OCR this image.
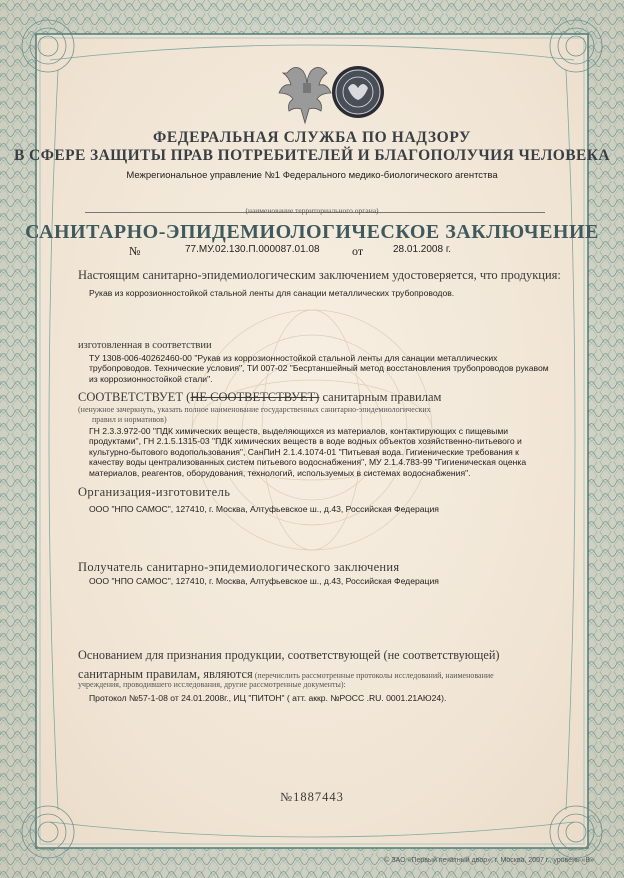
ФЕДЕРАЛЬНАЯ СЛУЖБА ПО НАДЗОРУ
В СФЕРЕ ЗАЩИТЫ ПРАВ ПОТРЕБИТЕЛЕЙ И БЛАГОПОЛУЧИЯ ЧЕЛОВЕКА
Межрегиональное управление №1 Федерального медико-биологического агентства
(наименование территориального органа)
САНИТАРНО-ЭПИДЕМИОЛОГИЧЕСКОЕ ЗАКЛЮЧЕНИЕ
№	77.МУ.02.130.П.000087.01.08	от	28.01.2008 г.
Настоящим санитарно-эпидемиологическим заключением удостоверяется, что продукция:
Рукав из коррозионностойкой стальной ленты для санации металлических трубопроводов.
изготовленная в соответствии
ТУ 1308-006-40262460-00 "Рукав из коррозионностойкой стальной ленты для санации металлических
трубопроводов. Технические условия", ТИ 007-02 "Бесртаншейный метод восстановления трубопроводов рукавом
из коррозионностойкой стали".
СООТВЕТСТВУЕТ (НЕ СООТВЕТСТВУЕТ) санитарным правилам
(ненужное зачеркнуть, указать полное наименование государственных санитарно-эпидемиологических
правил и нормативов)
ГН 2.3.3.972-00 "ПДК химических веществ, выделяющихся из материалов, контактирующих с пищевыми
продуктами", ГН 2.1.5.1315-03 "ПДК химических веществ в воде водных объектов хозяйственно-питьевого и
культурно-бытового водопользования", СанПиН 2.1.4.1074-01 "Питьевая вода. Гигиенические требования к
качеству воды централизованных систем питьевого водоснабжения", МУ 2.1.4.783-99 "Гигиеническая оценка
материалов, реагентов, оборудования, технологий, используемых в системах водоснабжения".
Организация-изготовитель
ООО "НПО САМОС", 127410, г. Москва, Алтуфьевское ш., д.43, Российская Федерация
Получатель санитарно-эпидемиологического заключения
ООО "НПО САМОС", 127410, г. Москва, Алтуфьевское ш., д.43, Российская Федерация
Основанием для признания продукции, соответствующей (не соответствующей)
санитарным правилам, являются (перечислить рассмотренные протоколы исследований, наименование
учреждения, проводившего исследования, другие рассмотренные документы):
Протокол №57-1-08 от 24.01.2008г., ИЦ "ПИТОН" ( атт. аккр. №РОСС .RU. 0001.21АЮ24).
№1887443
© ЗАО «Первый печатный двор», г. Москва, 2007 г., уровень «В»
